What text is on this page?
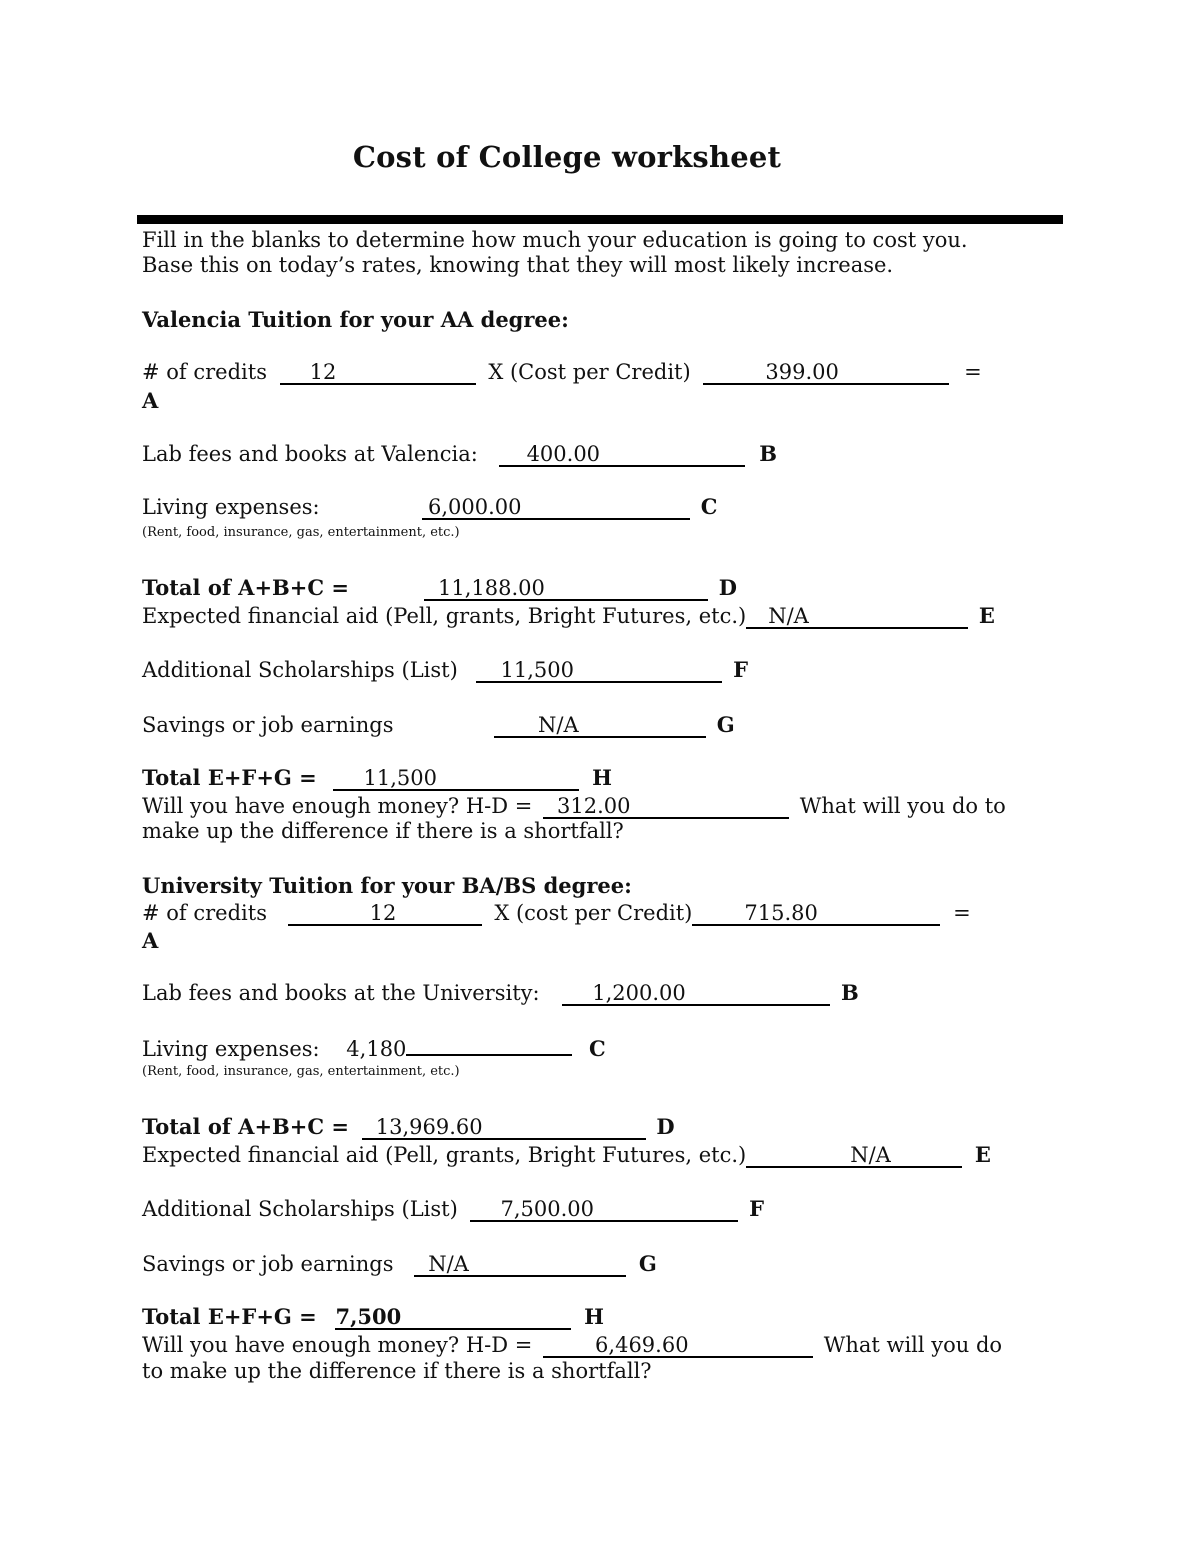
Cost of College worksheet
Fill in the blanks to determine how much your education is going to cost you.
Base this on today’s rates, knowing that they will most likely increase.
Valencia Tuition for your AA degree:
# of credits 12	X (Cost per Credit)	399.00	=
A
Lab fees and books at Valencia: 400.00	B
Living expenses:	6,000.00	C
(Rent, food, insurance, gas, entertainment, etc.)
Total of A+B+C =	11,188.00	D
Expected financial aid (Pell, grants, Bright Futures, etc.) N/A	E
Additional Scholarships (List) 11,500	F
Savings or job earnings	N/A	G
Total E+F+G = 11,500	H
Will you have enough money? H-D = 312.00	What will you do to
make up the difference if there is a shortfall?
University Tuition for your BA/BS degree:
# of credits	12	X (cost per Credit) 715.80	=
A
Lab fees and books at the University:	1,200.00	B
Living expenses: 4,180	C
(Rent, food, insurance, gas, entertainment, etc.)
Total of A+B+C = 13,969.60	D
Expected financial aid (Pell, grants, Bright Futures, etc.)	N/A	E
Additional Scholarships (List) 7,500.00	F
Savings or job earnings N/A	G
Total E+F+G = 7,500	H
Will you have enough money? H-D =	6,469.60	What will you do
to make up the difference if there is a shortfall?
